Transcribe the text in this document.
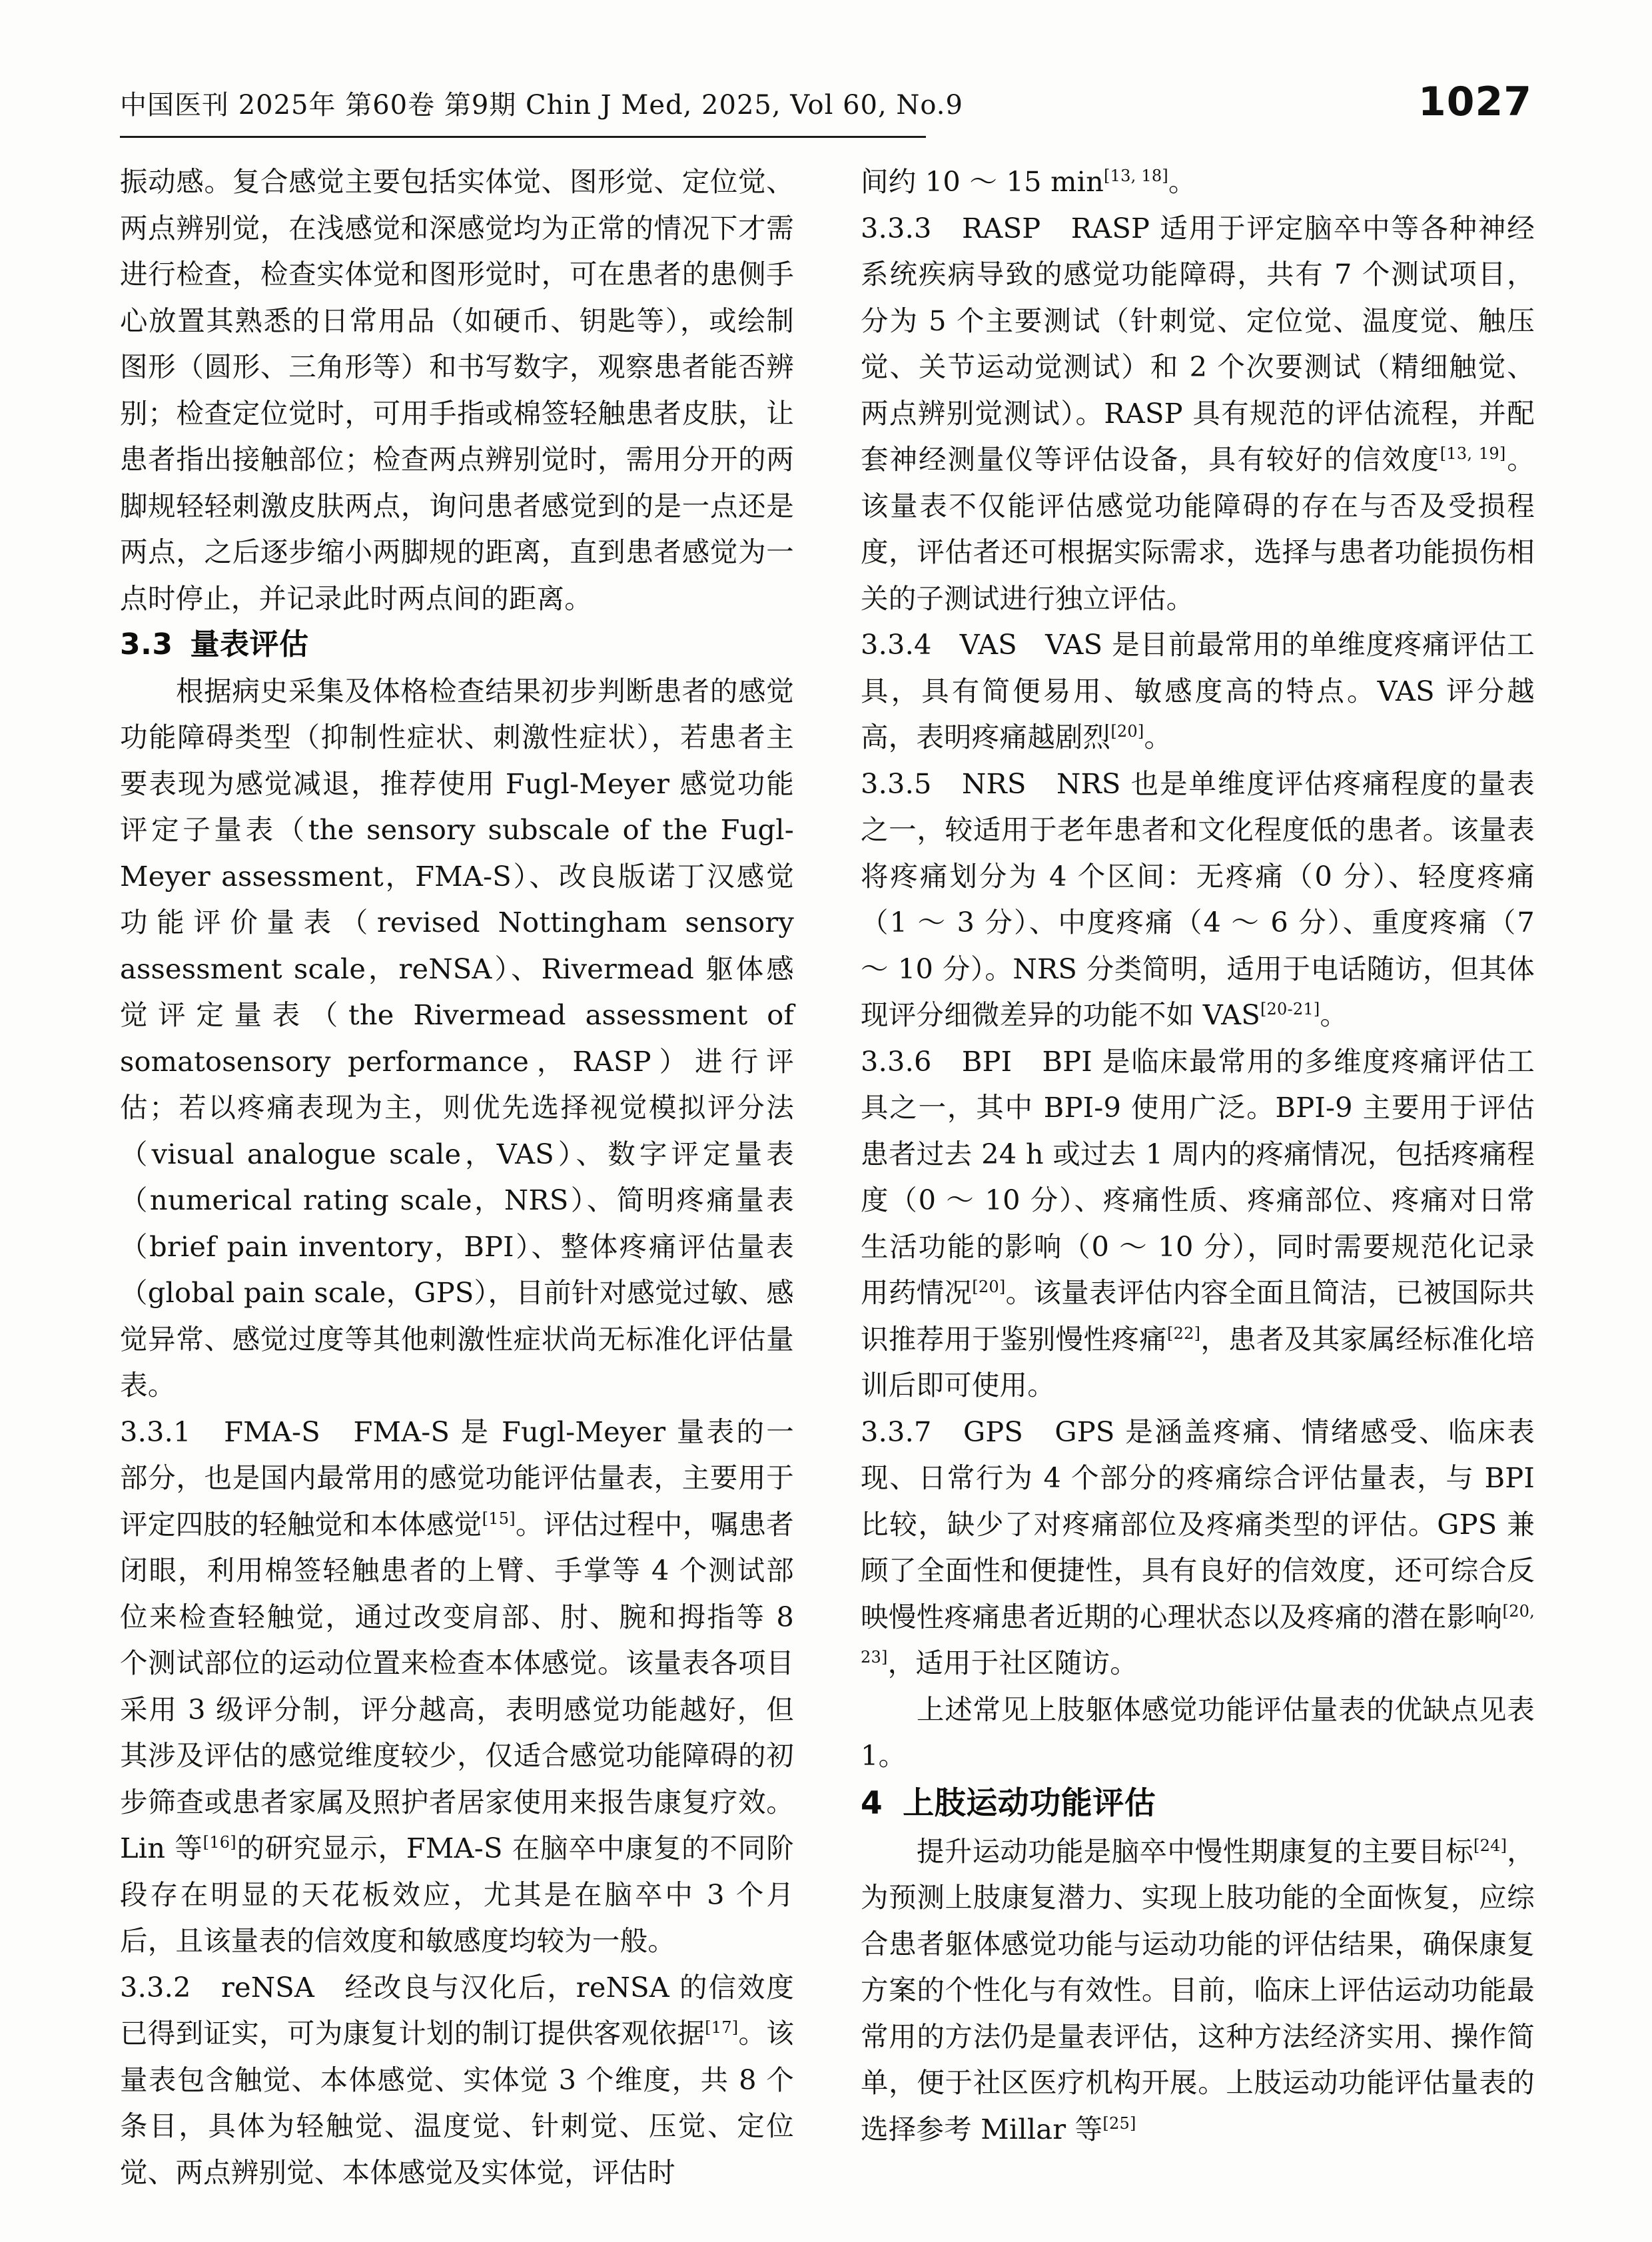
中国医刊 2025年 第60卷 第9期 Chin J Med, 2025, Vol 60, No.9	1027

振动感。复合感觉主要包括实体觉、图形觉、定位觉、两点辨别觉，在浅感觉和深感觉均为正常的情况下才需进行检查，检查实体觉和图形觉时，可在患者的患侧手心放置其熟悉的日常用品（如硬币、钥匙等），或绘制图形（圆形、三角形等）和书写数字，观察患者能否辨别；检查定位觉时，可用手指或棉签轻触患者皮肤，让患者指出接触部位；检查两点辨别觉时，需用分开的两脚规轻轻刺激皮肤两点，询问患者感觉到的是一点还是两点，之后逐步缩小两脚规的距离，直到患者感觉为一点时停止，并记录此时两点间的距离。

3.3 量表评估

根据病史采集及体格检查结果初步判断患者的感觉功能障碍类型（抑制性症状、刺激性症状），若患者主要表现为感觉减退，推荐使用 Fugl-Meyer 感觉功能评定子量表（the sensory subscale of the Fugl-Meyer assessment，FMA-S）、改良版诺丁汉感觉功能评价量表（revised Nottingham sensory assessment scale，reNSA）、Rivermead 躯体感觉评定量表（the Rivermead assessment of somatosensory performance，RASP）进行评估；若以疼痛表现为主，则优先选择视觉模拟评分法（visual analogue scale，VAS）、数字评定量表（numerical rating scale，NRS）、简明疼痛量表（brief pain inventory，BPI）、整体疼痛评估量表（global pain scale，GPS），目前针对感觉过敏、感觉异常、感觉过度等其他刺激性症状尚无标准化评估量表。

3.3.1 FMA-S FMA-S 是 Fugl-Meyer 量表的一部分，也是国内最常用的感觉功能评估量表，主要用于评定四肢的轻触觉和本体感觉[15]。评估过程中，嘱患者闭眼，利用棉签轻触患者的上臂、手掌等 4 个测试部位来检查轻触觉，通过改变肩部、肘、腕和拇指等 8 个测试部位的运动位置来检查本体感觉。该量表各项目采用 3 级评分制，评分越高，表明感觉功能越好，但其涉及评估的感觉维度较少，仅适合感觉功能障碍的初步筛查或患者家属及照护者居家使用来报告康复疗效。Lin 等[16]的研究显示，FMA-S 在脑卒中康复的不同阶段存在明显的天花板效应，尤其是在脑卒中 3 个月后，且该量表的信效度和敏感度均较为一般。

3.3.2 reNSA 经改良与汉化后，reNSA 的信效度已得到证实，可为康复计划的制订提供客观依据[17]。该量表包含触觉、本体感觉、实体觉 3 个维度，共 8 个条目，具体为轻触觉、温度觉、针刺觉、压觉、定位觉、两点辨别觉、本体感觉及实体觉，评估时

间约 10 ～ 15 min[13, 18]。

3.3.3 RASP RASP 适用于评定脑卒中等各种神经系统疾病导致的感觉功能障碍，共有 7 个测试项目，分为 5 个主要测试（针刺觉、定位觉、温度觉、触压觉、关节运动觉测试）和 2 个次要测试（精细触觉、两点辨别觉测试）。RASP 具有规范的评估流程，并配套神经测量仪等评估设备，具有较好的信效度[13, 19]。该量表不仅能评估感觉功能障碍的存在与否及受损程度，评估者还可根据实际需求，选择与患者功能损伤相关的子测试进行独立评估。

3.3.4 VAS VAS 是目前最常用的单维度疼痛评估工具，具有简便易用、敏感度高的特点。VAS 评分越高，表明疼痛越剧烈[20]。

3.3.5 NRS NRS 也是单维度评估疼痛程度的量表之一，较适用于老年患者和文化程度低的患者。该量表将疼痛划分为 4 个区间：无疼痛（0 分）、轻度疼痛（1 ～ 3 分）、中度疼痛（4 ～ 6 分）、重度疼痛（7 ～ 10 分）。NRS 分类简明，适用于电话随访，但其体现评分细微差异的功能不如 VAS[20-21]。

3.3.6 BPI BPI 是临床最常用的多维度疼痛评估工具之一，其中 BPI-9 使用广泛。BPI-9 主要用于评估患者过去 24 h 或过去 1 周内的疼痛情况，包括疼痛程度（0 ～ 10 分）、疼痛性质、疼痛部位、疼痛对日常生活功能的影响（0 ～ 10 分），同时需要规范化记录用药情况[20]。该量表评估内容全面且简洁，已被国际共识推荐用于鉴别慢性疼痛[22]，患者及其家属经标准化培训后即可使用。

3.3.7 GPS GPS 是涵盖疼痛、情绪感受、临床表现、日常行为 4 个部分的疼痛综合评估量表，与 BPI 比较，缺少了对疼痛部位及疼痛类型的评估。GPS 兼顾了全面性和便捷性，具有良好的信效度，还可综合反映慢性疼痛患者近期的心理状态以及疼痛的潜在影响[20, 23]，适用于社区随访。

上述常见上肢躯体感觉功能评估量表的优缺点见表 1。

4 上肢运动功能评估

提升运动功能是脑卒中慢性期康复的主要目标[24]，为预测上肢康复潜力、实现上肢功能的全面恢复，应综合患者躯体感觉功能与运动功能的评估结果，确保康复方案的个性化与有效性。目前，临床上评估运动功能最常用的方法仍是量表评估，这种方法经济实用、操作简单，便于社区医疗机构开展。上肢运动功能评估量表的选择参考 Millar 等[25]
